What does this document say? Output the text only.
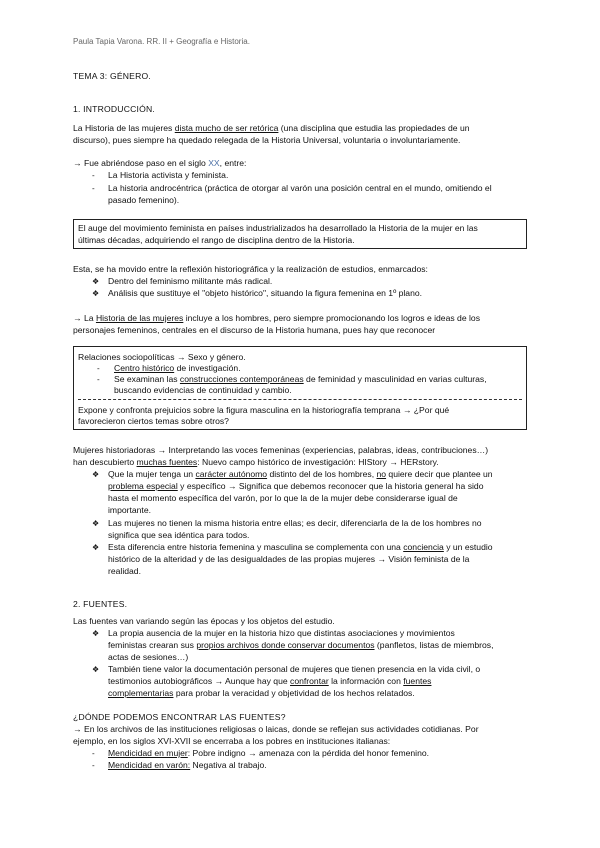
Paula Tapia Varona. RR. II + Geografía e Historia.
TEMA 3: GÉNERO.
1. INTRODUCCIÓN.
La Historia de las mujeres dista mucho de ser retórica (una disciplina que estudia las propiedades de un
discurso), pues siempre ha quedado relegada de la Historia Universal, voluntaria o involuntariamente.
→ Fue abriéndose paso en el siglo XX, entre:
- La Historia activista y feminista.
- La historia androcéntrica (práctica de otorgar al varón una posición central en el mundo, omitiendo el
pasado femenino).
El auge del movimiento feminista en países industrializados ha desarrollado la Historia de la mujer en las
últimas décadas, adquiriendo el rango de disciplina dentro de la Historia.
Esta, se ha movido entre la reflexión historiográfica y la realización de estudios, enmarcados:
❖ Dentro del feminismo militante más radical.
❖ Análisis que sustituye el "objeto histórico", situando la figura femenina en 1º plano.
→ La Historia de las mujeres incluye a los hombres, pero siempre promocionando los logros e ideas de los
personajes femeninos, centrales en el discurso de la Historia humana, pues hay que reconocer
Relaciones sociopolíticas → Sexo y género.
- Centro histórico de investigación.
- Se examinan las construcciones contemporáneas de feminidad y masculinidad en varias culturas,
buscando evidencias de continuidad y cambio.
Expone y confronta prejuicios sobre la figura masculina en la historiografía temprana → ¿Por qué
favorecieron ciertos temas sobre otros?
Mujeres historiadoras → Interpretando las voces femeninas (experiencias, palabras, ideas, contribuciones…)
han descubierto muchas fuentes: Nuevo campo histórico de investigación: HIStory → HERstory.
❖ Que la mujer tenga un carácter autónomo distinto del de los hombres, no quiere decir que plantee un
problema especial y específico → Significa que debemos reconocer que la historia general ha sido
hasta el momento específica del varón, por lo que la de la mujer debe considerarse igual de
importante.
❖ Las mujeres no tienen la misma historia entre ellas; es decir, diferenciarla de la de los hombres no
significa que sea idéntica para todos.
❖ Esta diferencia entre historia femenina y masculina se complementa con una conciencia y un estudio
histórico de la alteridad y de las desigualdades de las propias mujeres → Visión feminista de la
realidad.
2. FUENTES.
Las fuentes van variando según las épocas y los objetos del estudio.
❖ La propia ausencia de la mujer en la historia hizo que distintas asociaciones y movimientos
feministas crearan sus propios archivos donde conservar documentos (panfletos, listas de miembros,
actas de sesiones…)
❖ También tiene valor la documentación personal de mujeres que tienen presencia en la vida civil, o
testimonios autobiográficos → Aunque hay que confrontar la información con fuentes
complementarias para probar la veracidad y objetividad de los hechos relatados.
¿DÓNDE PODEMOS ENCONTRAR LAS FUENTES?
→ En los archivos de las instituciones religiosas o laicas, donde se reflejan sus actividades cotidianas. Por
ejemplo, en los siglos XVI-XVII se encerraba a los pobres en instituciones italianas:
- Mendicidad en mujer: Pobre indigno → amenaza con la pérdida del honor femenino.
- Mendicidad en varón: Negativa al trabajo.
